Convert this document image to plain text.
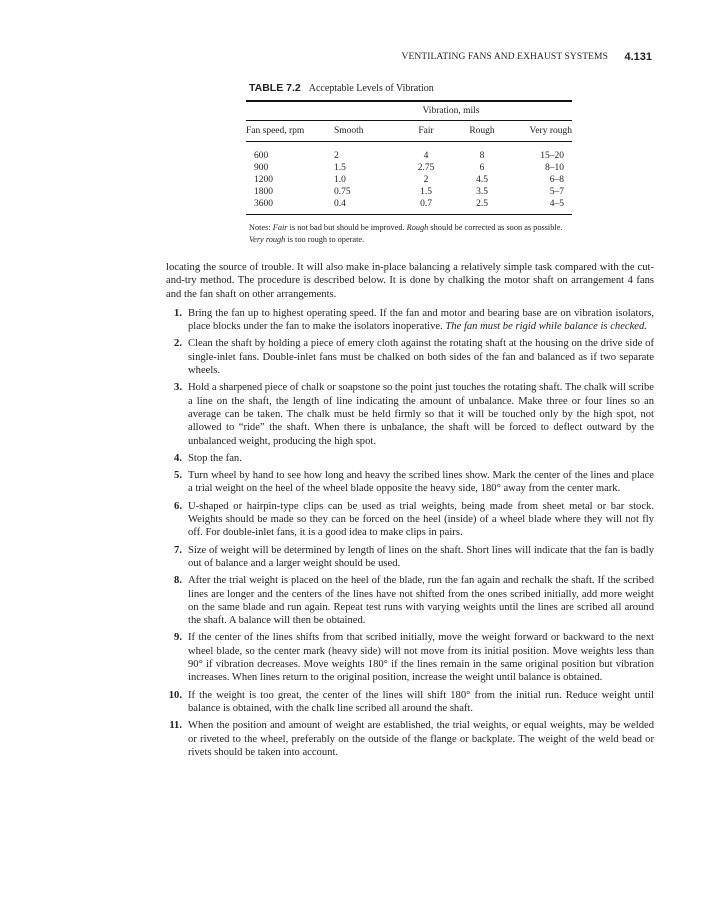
VENTILATING FANS AND EXHAUST SYSTEMS 4.131
TABLE 7.2 Acceptable Levels of Vibration
Vibration, mils				
Fan speed, rpm	Smooth	Fair	Rough	Very rough
600	2	4	8	15–20
900	1.5	2.75	6	8–10
1200	1.0	2	4.5	6–8
1800	0.75	1.5	3.5	5–7
3600	0.4	0.7	2.5	4–5

Notes: Fair is not bad but should be improved. Rough should be corrected as soon as possible. Very rough is too rough to operate.

locating the source of trouble. It will also make in-place balancing a relatively simple task compared with the cut-and-try method. The procedure is described below. It is done by chalking the motor shaft on arrangement 4 fans and the fan shaft on other arrangements.

1. Bring the fan up to highest operating speed. If the fan and motor and bearing base are on vibration isolators, place blocks under the fan to make the isolators inoperative. The fan must be rigid while balance is checked.
2. Clean the shaft by holding a piece of emery cloth against the rotating shaft at the housing on the drive side of single-inlet fans. Double-inlet fans must be chalked on both sides of the fan and balanced as if two separate wheels.
3. Hold a sharpened piece of chalk or soapstone so the point just touches the rotating shaft. The chalk will scribe a line on the shaft, the length of line indicating the amount of unbalance. Make three or four lines so an average can be taken. The chalk must be held firmly so that it will be touched only by the high spot, not allowed to “ride” the shaft. When there is unbalance, the shaft will be forced to deflect outward by the unbalanced weight, producing the high spot.
4. Stop the fan.
5. Turn wheel by hand to see how long and heavy the scribed lines show. Mark the center of the lines and place a trial weight on the heel of the wheel blade opposite the heavy side, 180° away from the center mark.
6. U-shaped or hairpin-type clips can be used as trial weights, being made from sheet metal or bar stock. Weights should be made so they can be forced on the heel (inside) of a wheel blade where they will not fly off. For double-inlet fans, it is a good idea to make clips in pairs.
7. Size of weight will be determined by length of lines on the shaft. Short lines will indicate that the fan is badly out of balance and a larger weight should be used.
8. After the trial weight is placed on the heel of the blade, run the fan again and rechalk the shaft. If the scribed lines are longer and the centers of the lines have not shifted from the ones scribed initially, add more weight on the same blade and run again. Repeat test runs with varying weights until the lines are scribed all around the shaft. A balance will then be obtained.
9. If the center of the lines shifts from that scribed initially, move the weight forward or backward to the next wheel blade, so the center mark (heavy side) will not move from its initial position. Move weights less than 90° if vibration decreases. Move weights 180° if the lines remain in the same original position but vibration increases. When lines return to the original position, increase the weight until balance is obtained.
10. If the weight is too great, the center of the lines will shift 180° from the initial run. Reduce weight until balance is obtained, with the chalk line scribed all around the shaft.
11. When the position and amount of weight are established, the trial weights, or equal weights, may be welded or riveted to the wheel, preferably on the outside of the flange or backplate. The weight of the weld bead or rivets should be taken into account.
